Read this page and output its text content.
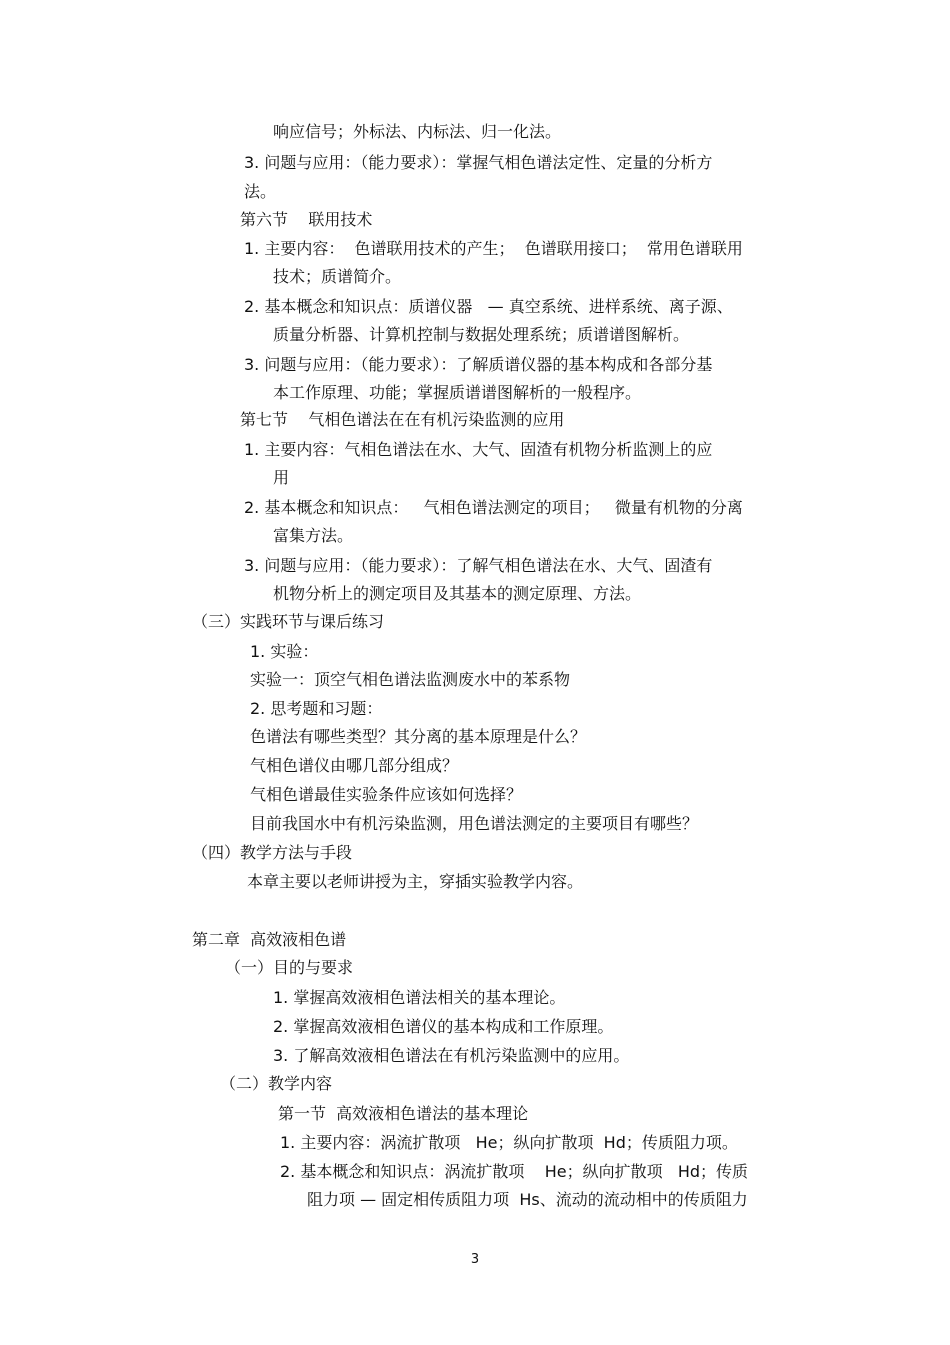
响应信号；外标法、内标法、归一化法。
3. 问题与应用：（能力要求）：掌握气相色谱法定性、定量的分析方
法。
第六节    联用技术
1. 主要内容：  色谱联用技术的产生；  色谱联用接口；  常用色谱联用
技术；质谱简介。
2. 基本概念和知识点：质谱仪器   — 真空系统、进样系统、离子源、
质量分析器、计算机控制与数据处理系统；质谱谱图解析。
3. 问题与应用：（能力要求）：了解质谱仪器的基本构成和各部分基
本工作原理、功能；掌握质谱谱图解析的一般程序。
第七节    气相色谱法在在有机污染监测的应用
1. 主要内容：气相色谱法在水、大气、固渣有机物分析监测上的应
用
2. 基本概念和知识点：   气相色谱法测定的项目；   微量有机物的分离
富集方法。
3. 问题与应用：（能力要求）：了解气相色谱法在水、大气、固渣有
机物分析上的测定项目及其基本的测定原理、方法。
（三）实践环节与课后练习
1. 实验：
实验一：顶空气相色谱法监测废水中的苯系物
2. 思考题和习题：
色谱法有哪些类型？其分离的基本原理是什么？
气相色谱仪由哪几部分组成？
气相色谱最佳实验条件应该如何选择？
目前我国水中有机污染监测，用色谱法测定的主要项目有哪些？
（四）教学方法与手段
本章主要以老师讲授为主，穿插实验教学内容。
第二章  高效液相色谱
（一）目的与要求
1. 掌握高效液相色谱法相关的基本理论。
2. 掌握高效液相色谱仪的基本构成和工作原理。
3. 了解高效液相色谱法在有机污染监测中的应用。
（二）教学内容
第一节  高效液相色谱法的基本理论
1. 主要内容：涡流扩散项   He；纵向扩散项  Hd；传质阻力项。
2. 基本概念和知识点：涡流扩散项    He；纵向扩散项   Hd；传质
阻力项 — 固定相传质阻力项  Hs、流动的流动相中的传质阻力
3
